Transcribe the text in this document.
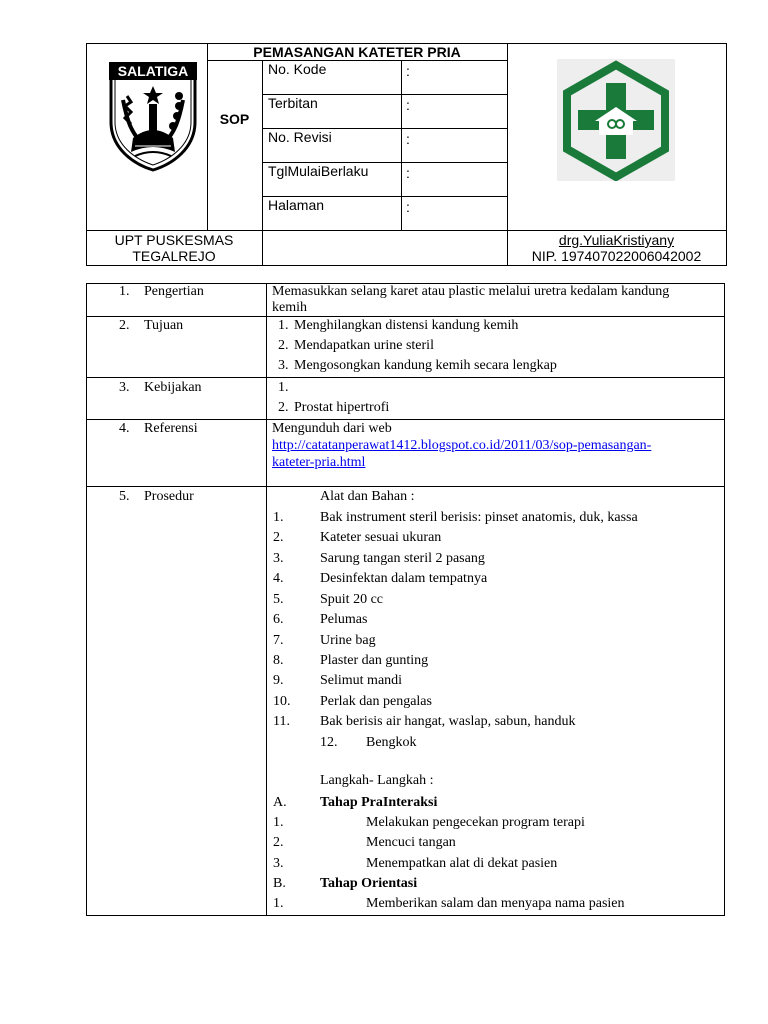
SALATIGA
PEMASANGAN KATETER PRIA
SOP
No. Kode	:
Terbitan	:
No. Revisi	:
TglMulaiBerlaku	:
Halaman	:
UPT PUSKESMAS
TEGALREJO
drg.YuliaKristiyany
NIP. 197407022006042002
1. Pengertian	Memasukkan selang karet atau plastic melalui uretra kedalam kandung
kemih
2. Tujuan	1. Menghilangkan distensi kandung kemih
2. Mendapatkan urine steril
3. Mengosongkan kandung kemih secara lengkap
3. Kebijakan	1.
2. Prostat hipertrofi
4. Referensi	Mengunduh dari web
http://catatanperawat1412.blogspot.co.id/2011/03/sop-pemasangan-
kateter-pria.html
5. Prosedur	Alat dan Bahan :
1.	Bak instrument steril berisis: pinset anatomis, duk, kassa
2.	Kateter sesuai ukuran
3.	Sarung tangan steril 2 pasang
4.	Desinfektan dalam tempatnya
5.	Spuit 20 cc
6.	Pelumas
7.	Urine bag
8.	Plaster dan gunting
9.	Selimut mandi
10. Perlak dan pengalas
11. Bak berisis air hangat, waslap, sabun, handuk
12. Bengkok
Langkah- Langkah :
A. Tahap PraInteraksi
1.	Melakukan pengecekan program terapi
2.	Mencuci tangan
3.	Menempatkan alat di dekat pasien
B. Tahap Orientasi
1.	Memberikan salam dan menyapa nama pasien
